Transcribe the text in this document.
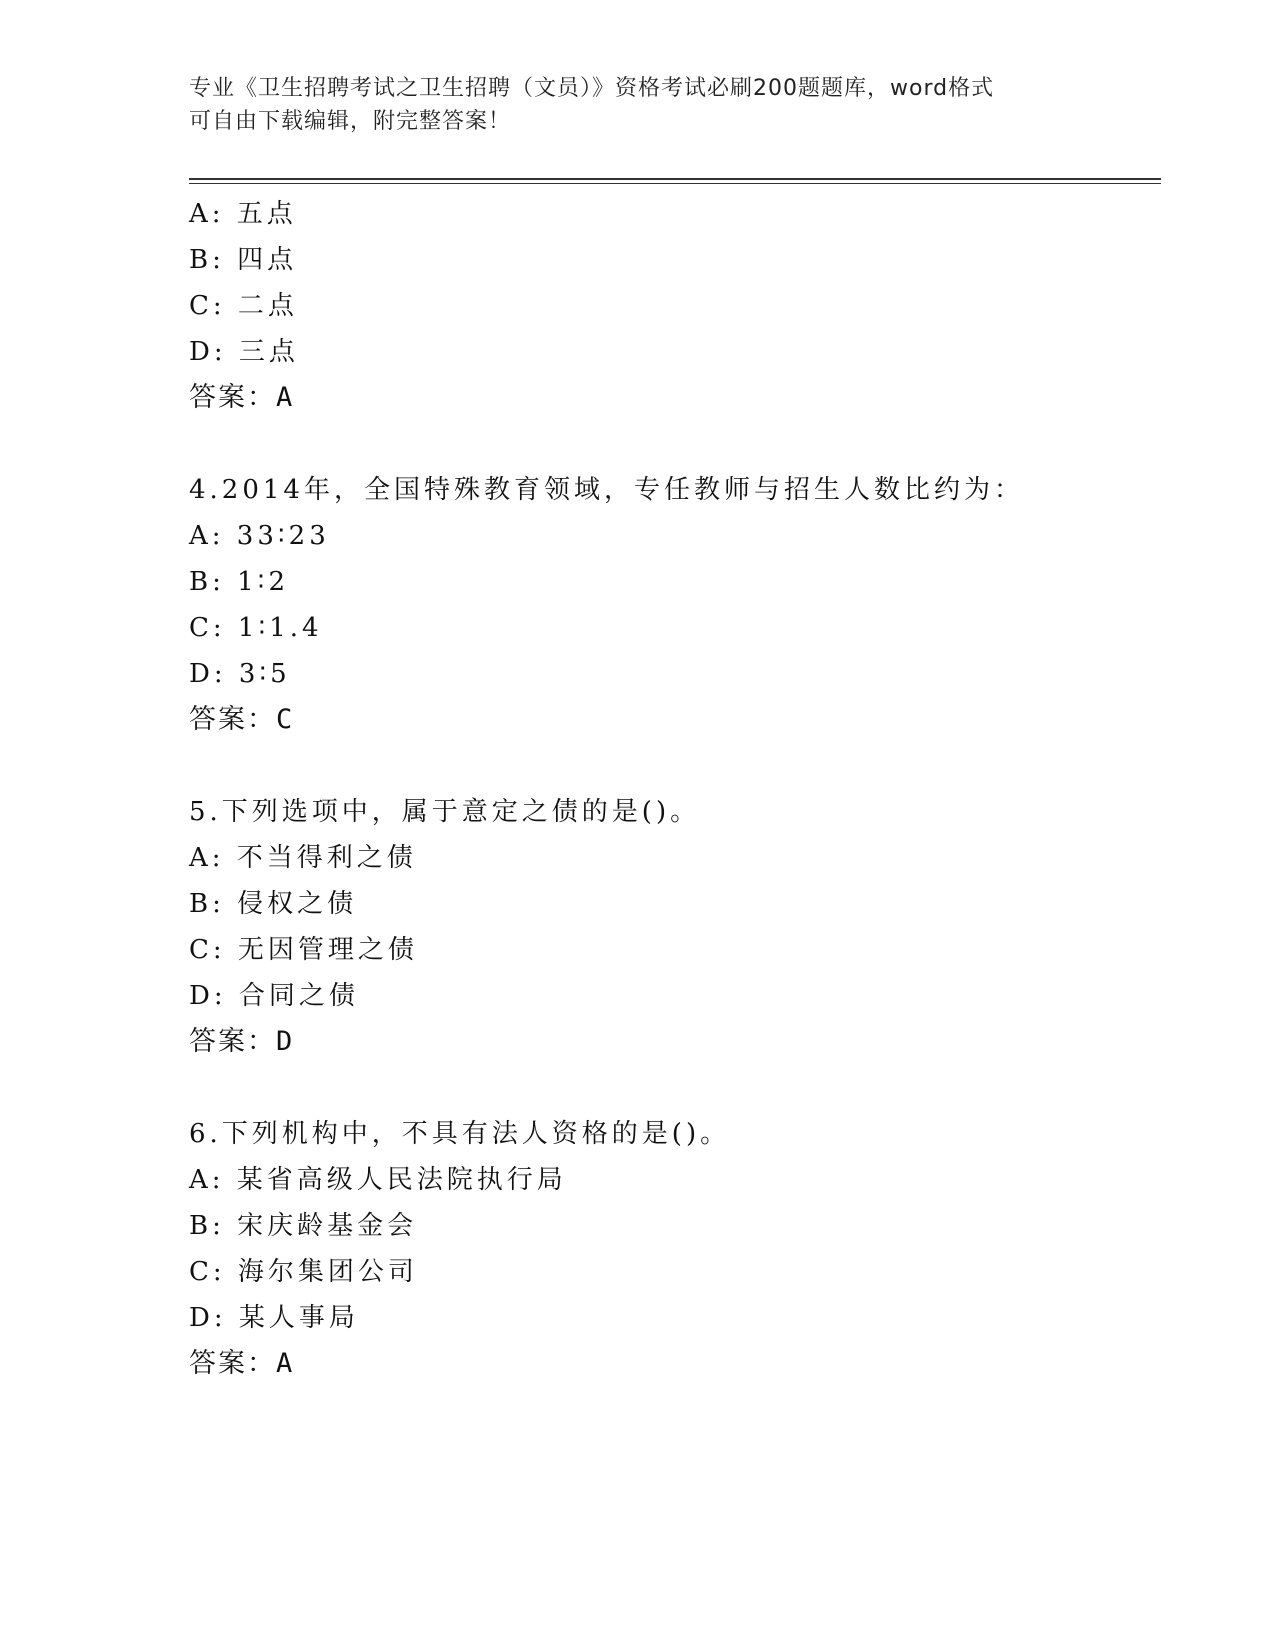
专业《卫生招聘考试之卫生招聘（文员）》资格考试必刷200题题库，word格式
可自由下载编辑，附完整答案！
A: 五点
B: 四点
C: 二点
D: 三点
答案：A
4.2014年，全国特殊教育领域，专任教师与招生人数比约为：
A: 33∶23
B: 1∶2
C: 1∶1.4
D: 3∶5
答案：C
5.下列选项中，属于意定之债的是()。
A: 不当得利之债
B: 侵权之债
C: 无因管理之债
D: 合同之债
答案：D
6.下列机构中，不具有法人资格的是()。
A: 某省高级人民法院执行局
B: 宋庆龄基金会
C: 海尔集团公司
D: 某人事局
答案：A
